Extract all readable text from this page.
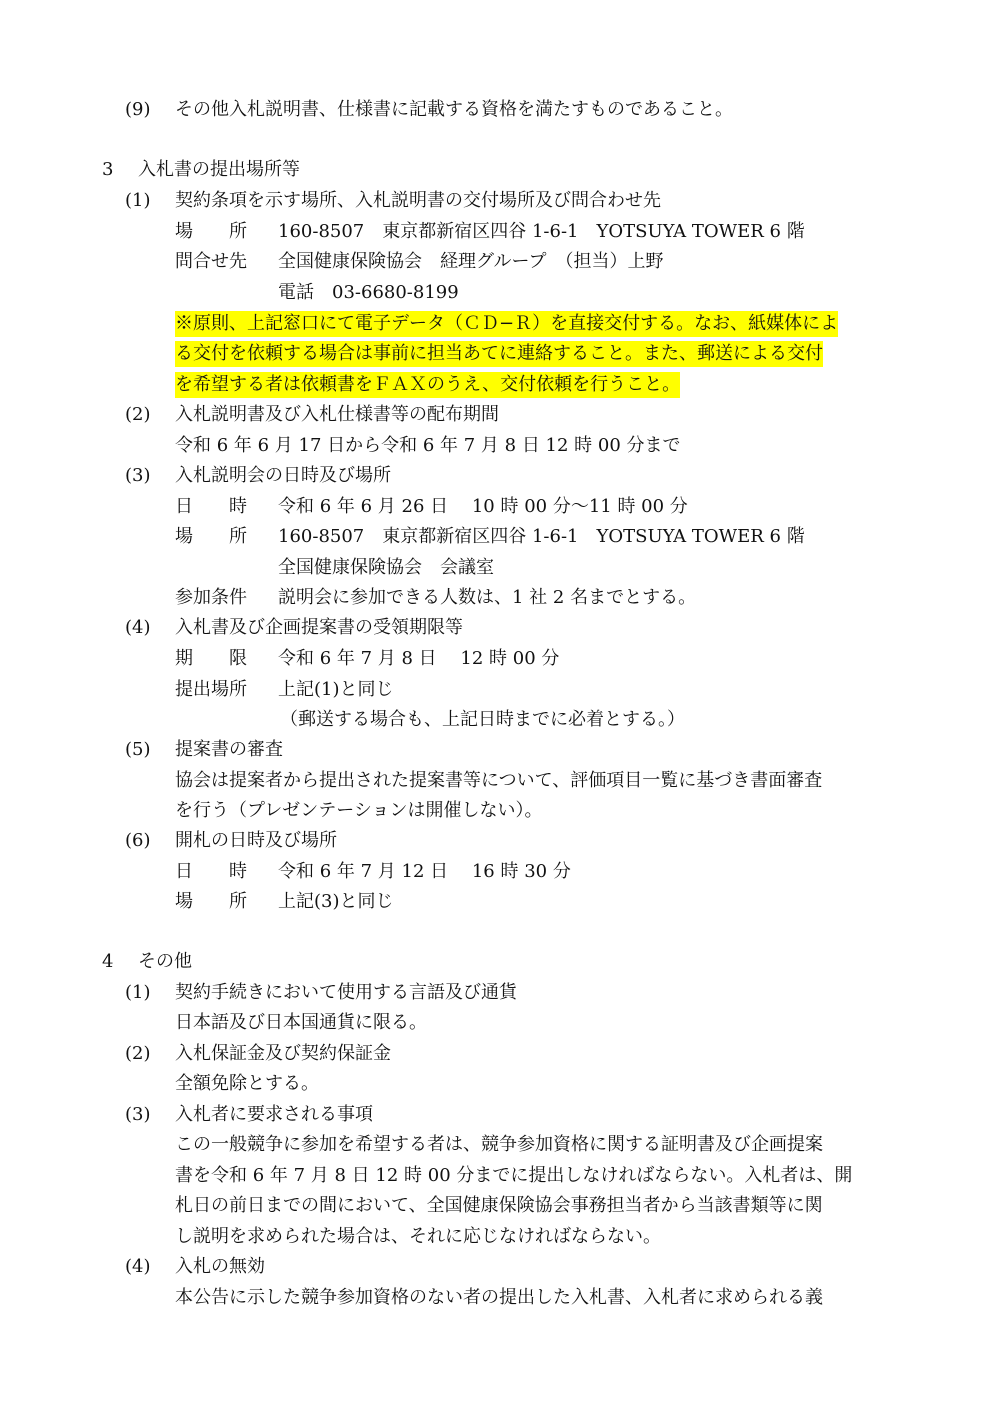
(9) その他入札説明書、仕様書に記載する資格を満たすものであること。
3 入札書の提出場所等
(1) 契約条項を示す場所、入札説明書の交付場所及び問合わせ先
場　　所 160-8507　東京都新宿区四谷 1-6-1　YOTSUYA TOWER 6 階
問合せ先 全国健康保険協会　経理グループ　（担当）上野
電話　03-6680-8199
※原則、上記窓口にて電子データ（ＣＤ−Ｒ）を直接交付する。なお、紙媒体によ
る交付を依頼する場合は事前に担当あてに連絡すること。また、郵送による交付
を希望する者は依頼書をＦＡＸのうえ、交付依頼を行うこと。
(2) 入札説明書及び入札仕様書等の配布期間
令和 6 年 6 月 17 日から令和 6 年 7 月 8 日 12 時 00 分まで
(3) 入札説明会の日時及び場所
日　　時 令和 6 年 6 月 26 日　 10 時 00 分〜11 時 00 分
場　　所 160-8507　東京都新宿区四谷 1-6-1　YOTSUYA TOWER 6 階
全国健康保険協会　会議室
参加条件 説明会に参加できる人数は、1 社 2 名までとする。
(4) 入札書及び企画提案書の受領期限等
期　　限 令和 6 年 7 月 8 日　 12 時 00 分
提出場所 上記(1)と同じ
（郵送する場合も、上記日時までに必着とする。）
(5) 提案書の審査
協会は提案者から提出された提案書等について、評価項目一覧に基づき書面審査
を行う（プレゼンテーションは開催しない）。
(6) 開札の日時及び場所
日　　時 令和 6 年 7 月 12 日　 16 時 30 分
場　　所 上記(3)と同じ
4 その他
(1) 契約手続きにおいて使用する言語及び通貨
日本語及び日本国通貨に限る。
(2) 入札保証金及び契約保証金
全額免除とする。
(3) 入札者に要求される事項
この一般競争に参加を希望する者は、競争参加資格に関する証明書及び企画提案
書を令和 6 年 7 月 8 日 12 時 00 分までに提出しなければならない。入札者は、開
札日の前日までの間において、全国健康保険協会事務担当者から当該書類等に関
し説明を求められた場合は、それに応じなければならない。
(4) 入札の無効
本公告に示した競争参加資格のない者の提出した入札書、入札者に求められる義
